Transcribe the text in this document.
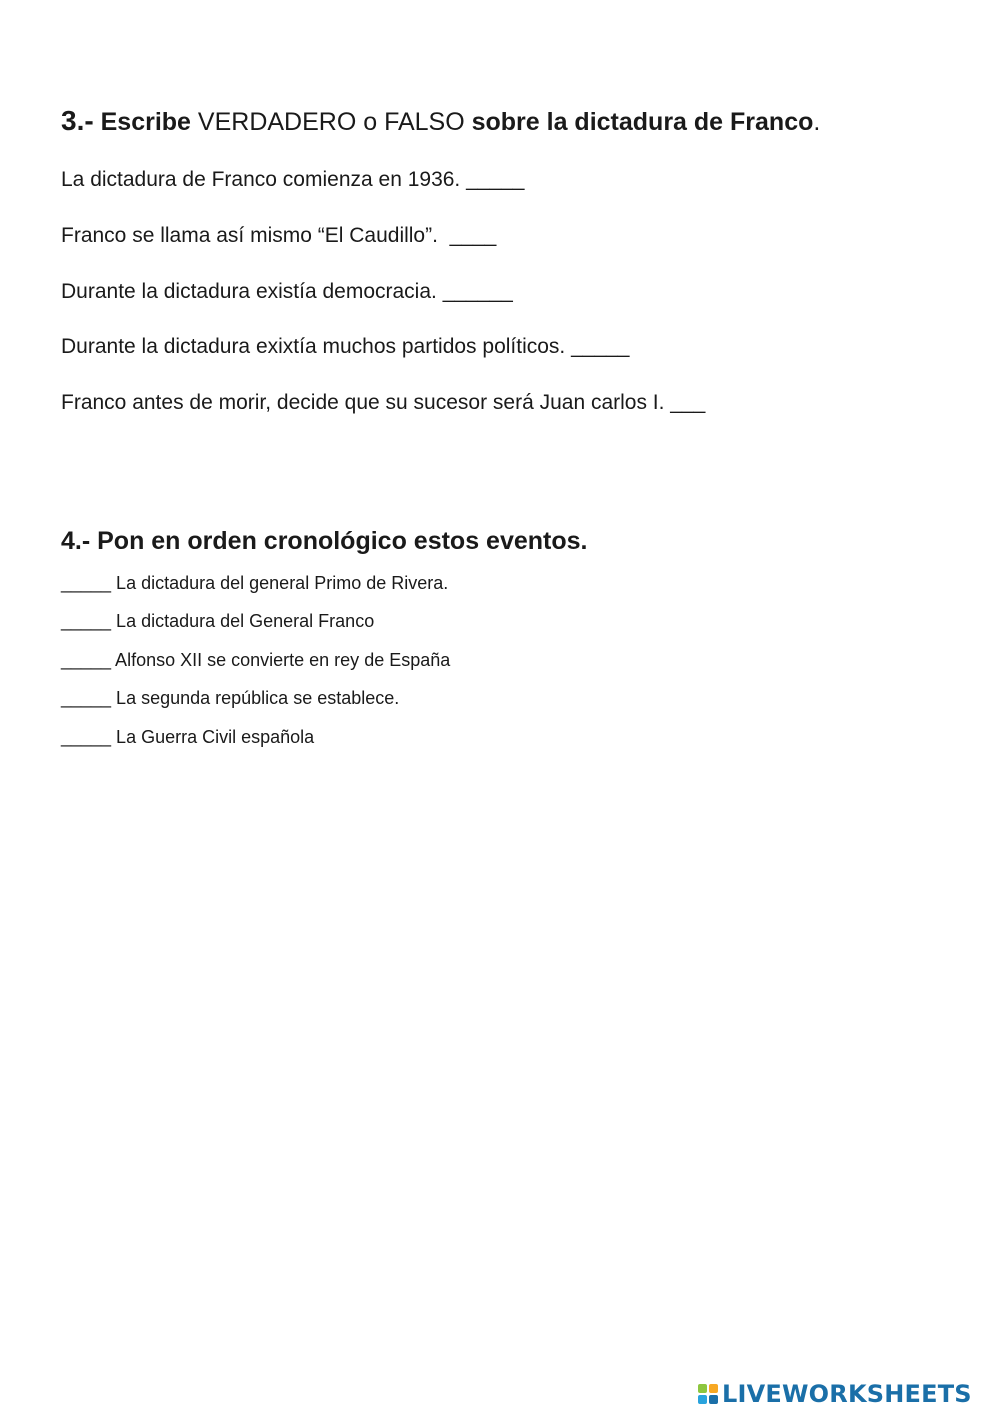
3.- Escribe VERDADERO o FALSO sobre la dictadura de Franco.
La dictadura de Franco comienza en 1936. _____
Franco se llama así mismo “El Caudillo”.  ____
Durante la dictadura existía democracia. ______
Durante la dictadura exixtía muchos partidos políticos. _____
Franco antes de morir, decide que su sucesor será Juan carlos I. ___
4.- Pon en orden cronológico estos eventos.
_____ La dictadura del general Primo de Rivera.
_____ La dictadura del General Franco
_____ Alfonso XII se convierte en rey de España
_____ La segunda república se establece.
_____ La Guerra Civil española
LIVEWORKSHEETS
